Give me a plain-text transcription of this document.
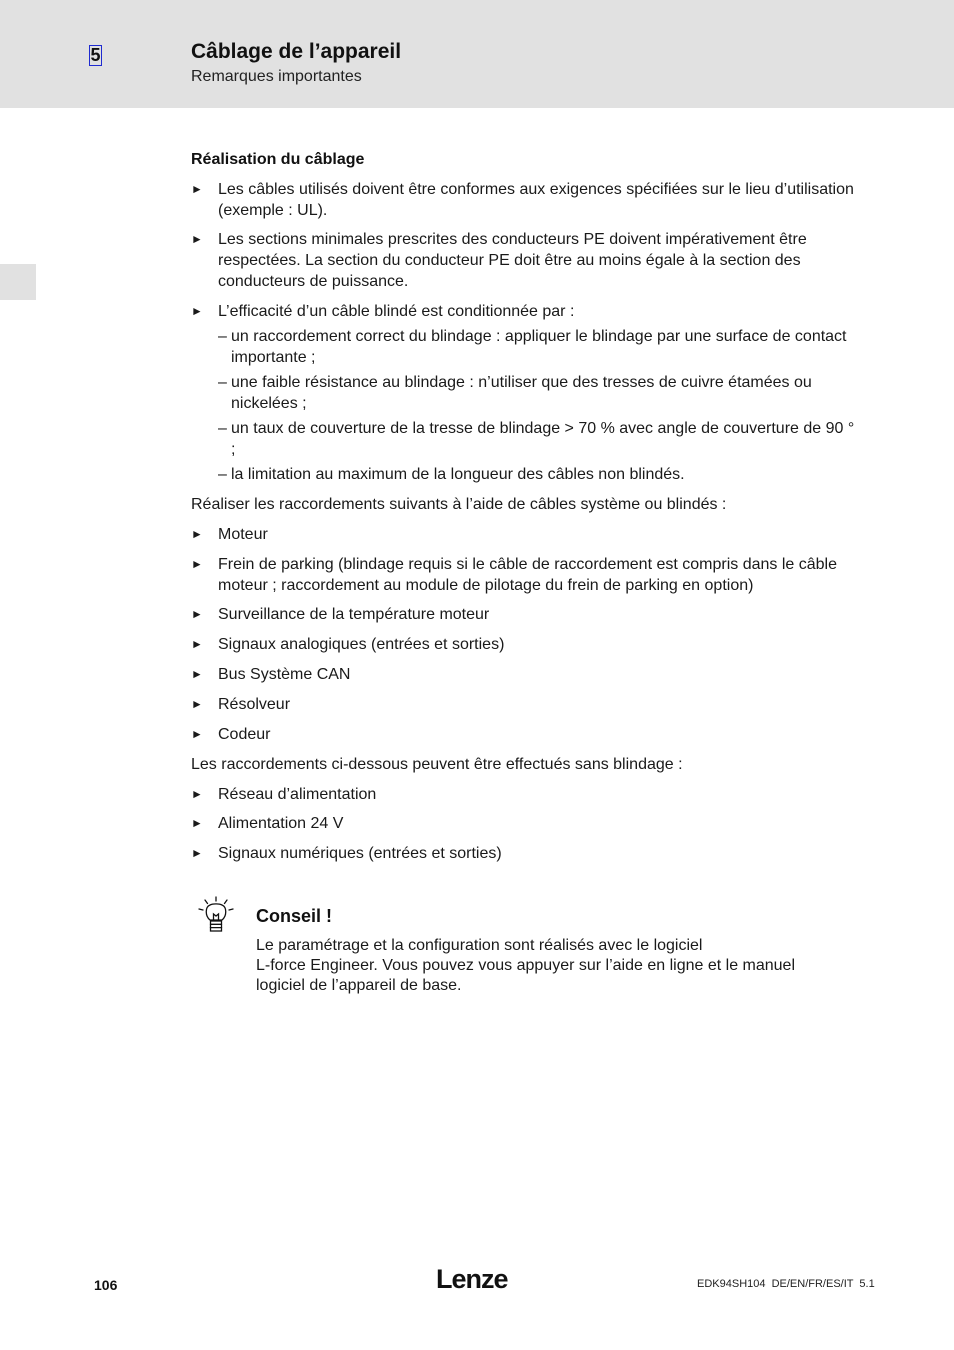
5	Câblage de l’appareil
Remarques importantes
Réalisation du câblage
► Les câbles utilisés doivent être conformes aux exigences spécifiées sur le lieu d’utilisation (exemple : UL).
► Les sections minimales prescrites des conducteurs PE doivent impérativement être respectées. La section du conducteur PE doit être au moins égale à la section des conducteurs de puissance.
► L’efficacité d’un câble blindé est conditionnée par :
– un raccordement correct du blindage : appliquer le blindage par une surface de contact importante ;
– une faible résistance au blindage : n’utiliser que des tresses de cuivre étamées ou nickelées ;
– un taux de couverture de la tresse de blindage > 70 % avec angle de couverture de 90 ° ;
– la limitation au maximum de la longueur des câbles non blindés.
Réaliser les raccordements suivants à l’aide de câbles système ou blindés :
► Moteur
► Frein de parking (blindage requis si le câble de raccordement est compris dans le câble moteur ; raccordement au module de pilotage du frein de parking en option)
► Surveillance de la température moteur
► Signaux analogiques (entrées et sorties)
► Bus Système CAN
► Résolveur
► Codeur
Les raccordements ci-dessous peuvent être effectués sans blindage :
► Réseau d’alimentation
► Alimentation 24 V
► Signaux numériques (entrées et sorties)
Conseil !
Le paramétrage et la configuration sont réalisés avec le logiciel
L-force Engineer. Vous pouvez vous appuyer sur l’aide en ligne et le manuel
logiciel de l’appareil de base.
106	Lenze	EDK94SH104  DE/EN/FR/ES/IT  5.1
